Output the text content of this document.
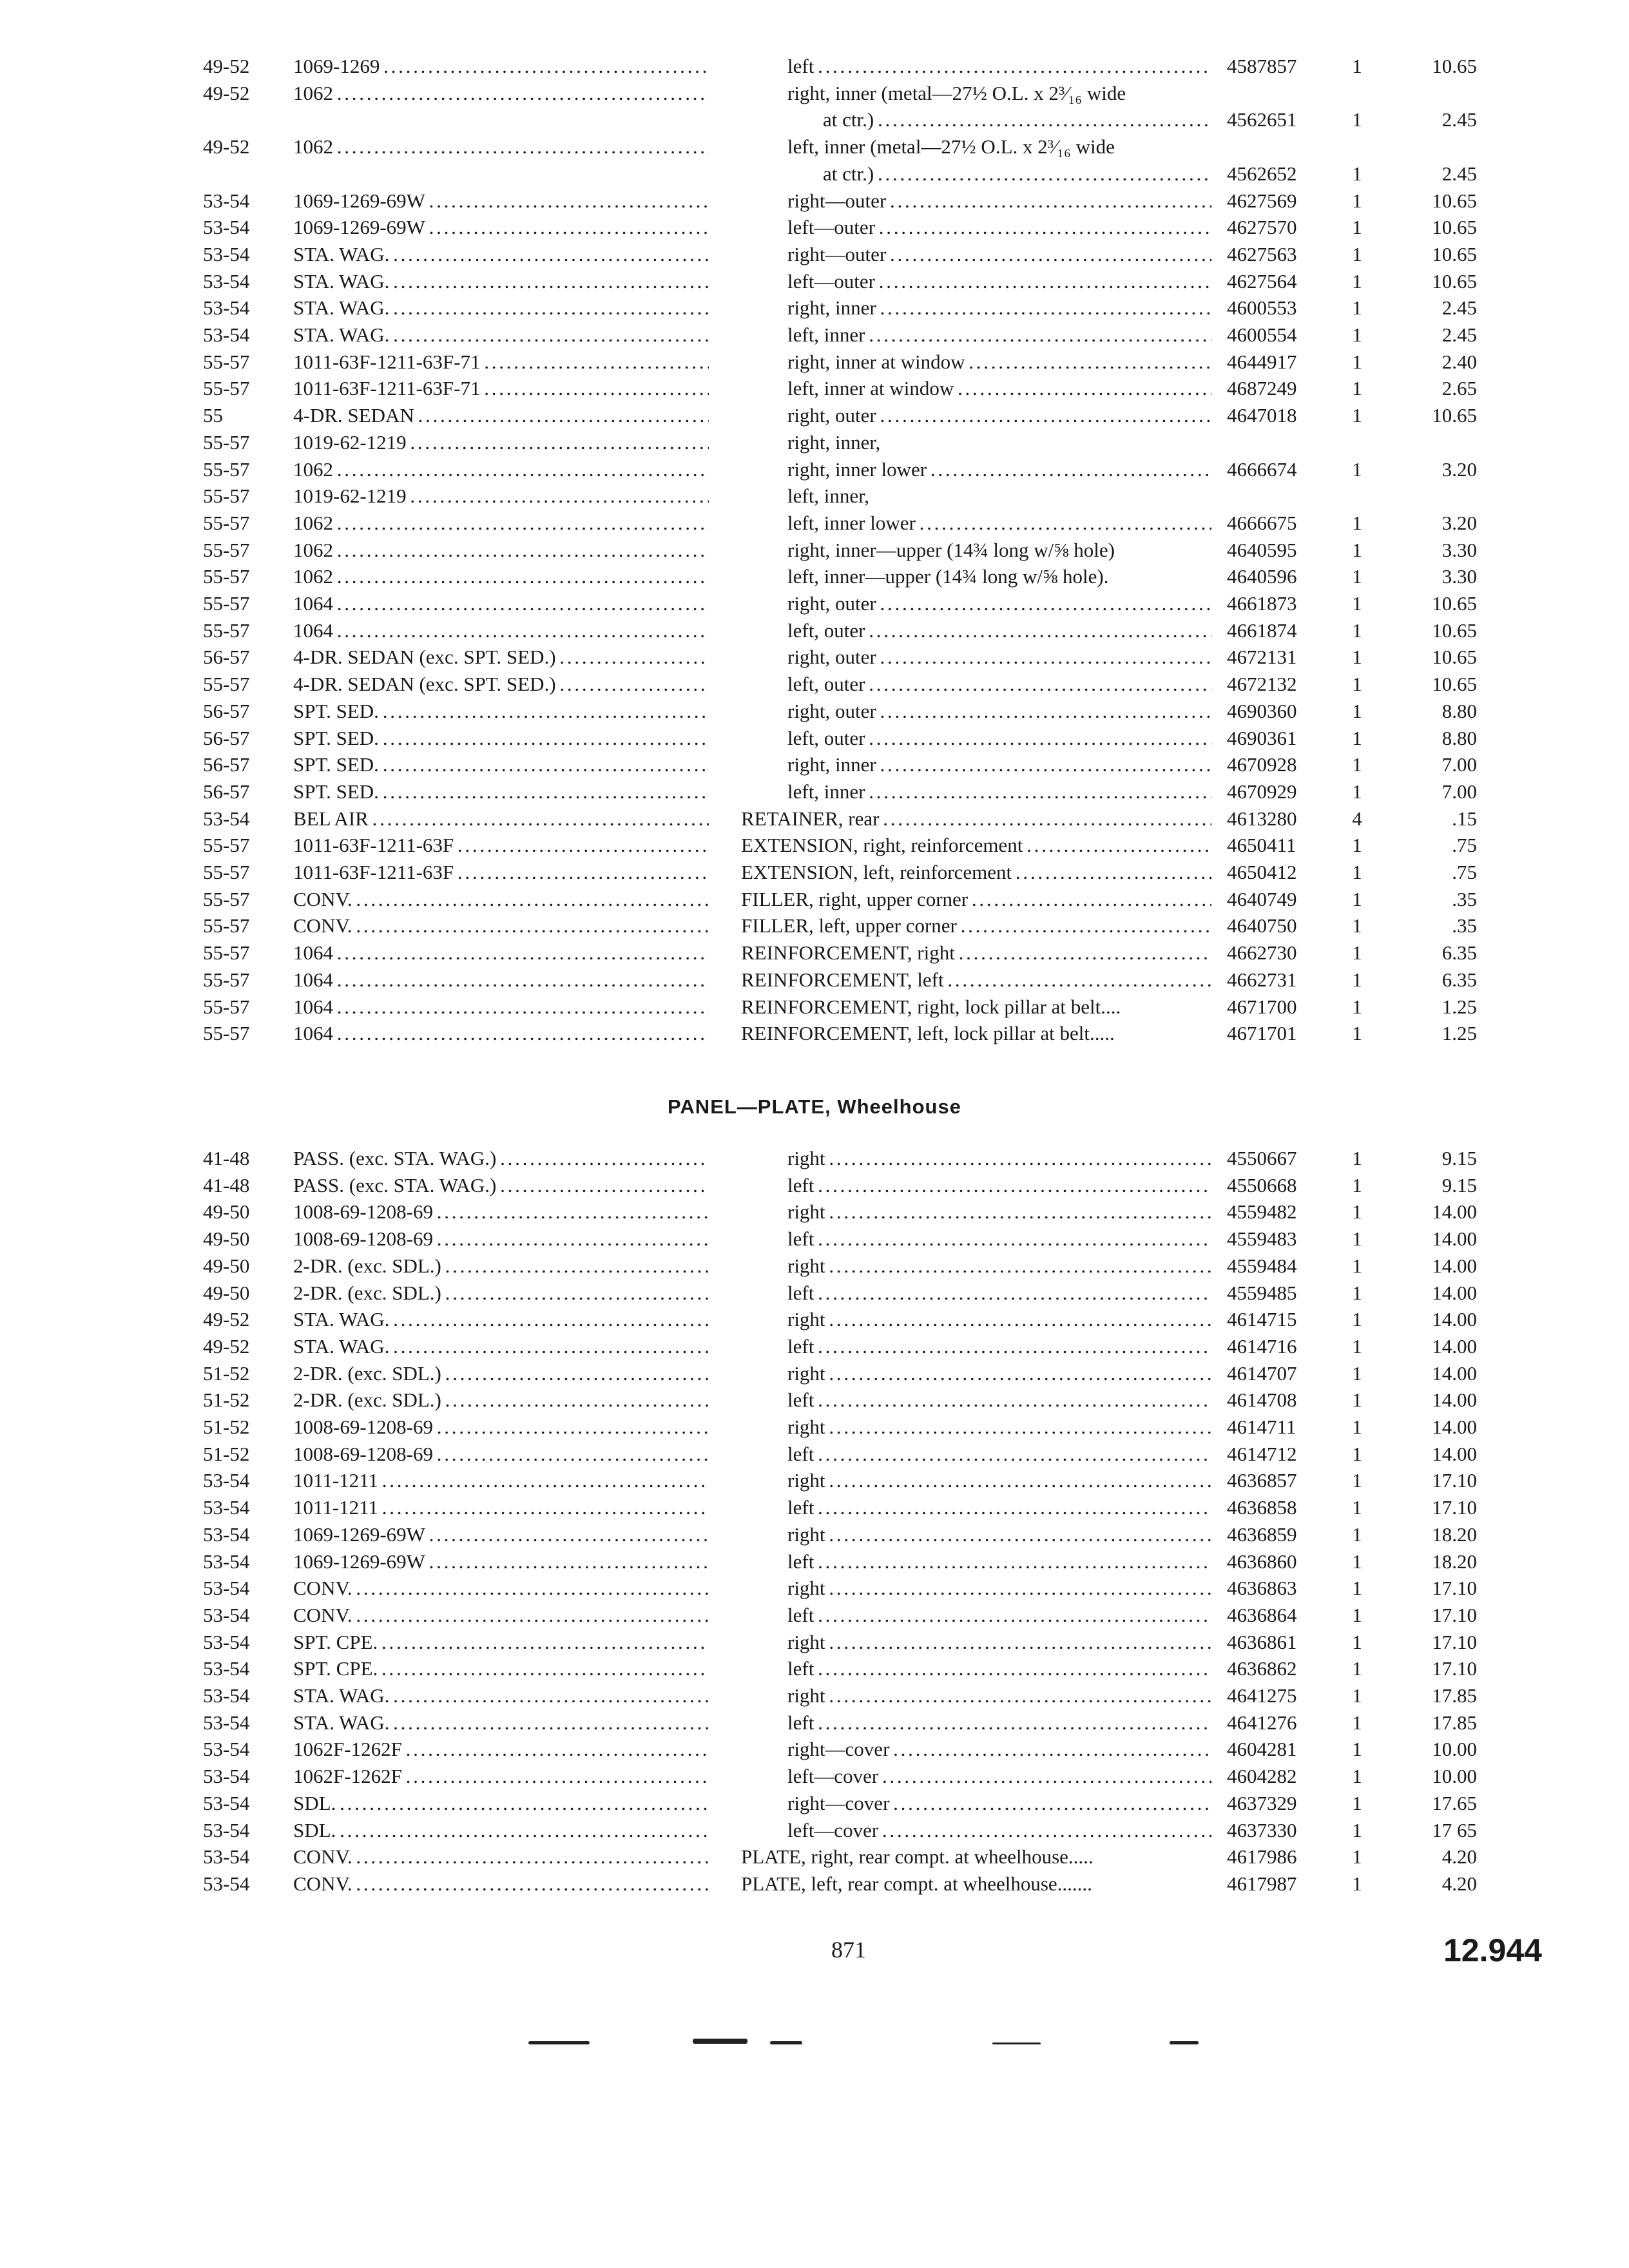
49-52	1069-1269 . . .	left . . .	4587857	1	10.65
49-52	1062 . . .	right, inner (metal—27½ O.L. x 2³⁄₁₆ wide
at ctr.) . . .	4562651	1	2.45
49-52	1062 . . .	left, inner (metal—27½ O.L. x 2³⁄₁₆ wide
at ctr.) . . .	4562652	1	2.45
53-54	1069-1269-69W . . .	right—outer . . .	4627569	1	10.65
53-54	1069-1269-69W . . .	left—outer . . .	4627570	1	10.65
53-54	STA. WAG. . . .	right—outer . . .	4627563	1	10.65
53-54	STA. WAG. . . .	left—outer . . .	4627564	1	10.65
53-54	STA. WAG. . . .	right, inner . . .	4600553	1	2.45
53-54	STA. WAG. . . .	left, inner . . .	4600554	1	2.45
55-57	1011-63F-1211-63F-71 . . .	right, inner at window . . .	4644917	1	2.40
55-57	1011-63F-1211-63F-71 . . .	left, inner at window . . .	4687249	1	2.65
55	4-DR. SEDAN . . .	right, outer . . .	4647018	1	10.65
55-57	1019-62-1219 . . .	right, inner,
55-57	1062 . . .	right, inner lower . . .	4666674	1	3.20
55-57	1019-62-1219 . . .	left, inner,
55-57	1062 . . .	left, inner lower . . .	4666675	1	3.20
55-57	1062 . . .	right, inner—upper (14¾ long w/⅝ hole)	4640595	1	3.30
55-57	1062 . . .	left, inner—upper (14¾ long w/⅝ hole).	4640596	1	3.30
55-57	1064 . . .	right, outer . . .	4661873	1	10.65
55-57	1064 . . .	left, outer . . .	4661874	1	10.65
56-57	4-DR. SEDAN (exc. SPT. SED.) . . .	right, outer . . .	4672131	1	10.65
55-57	4-DR. SEDAN (exc. SPT. SED.) . . .	left, outer . . .	4672132	1	10.65
56-57	SPT. SED. . . .	right, outer . . .	4690360	1	8.80
56-57	SPT. SED. . . .	left, outer . . .	4690361	1	8.80
56-57	SPT. SED. . . .	right, inner . . .	4670928	1	7.00
56-57	SPT. SED. . . .	left, inner . . .	4670929	1	7.00
53-54	BEL AIR . . .	RETAINER, rear . . .	4613280	4	.15
55-57	1011-63F-1211-63F . . .	EXTENSION, right, reinforcement . . .	4650411	1	.75
55-57	1011-63F-1211-63F . . .	EXTENSION, left, reinforcement . . .	4650412	1	.75
55-57	CONV. . . .	FILLER, right, upper corner . . .	4640749	1	.35
55-57	CONV. . . .	FILLER, left, upper corner . . .	4640750	1	.35
55-57	1064 . . .	REINFORCEMENT, right . . .	4662730	1	6.35
55-57	1064 . . .	REINFORCEMENT, left . . .	4662731	1	6.35
55-57	1064 . . .	REINFORCEMENT, right, lock pillar at belt....	4671700	1	1.25
55-57	1064 . . .	REINFORCEMENT, left, lock pillar at belt.....	4671701	1	1.25
PANEL—PLATE, Wheelhouse
41-48	PASS. (exc. STA. WAG.) . . .	right . . .	4550667	1	9.15
41-48	PASS. (exc. STA. WAG.) . . .	left . . .	4550668	1	9.15
49-50	1008-69-1208-69 . . .	right . . .	4559482	1	14.00
49-50	1008-69-1208-69 . . .	left . . .	4559483	1	14.00
49-50	2-DR. (exc. SDL.) . . .	right . . .	4559484	1	14.00
49-50	2-DR. (exc. SDL.) . . .	left . . .	4559485	1	14.00
49-52	STA. WAG. . . .	right . . .	4614715	1	14.00
49-52	STA. WAG. . . .	left . . .	4614716	1	14.00
51-52	2-DR. (exc. SDL.) . . .	right . . .	4614707	1	14.00
51-52	2-DR. (exc. SDL.) . . .	left . . .	4614708	1	14.00
51-52	1008-69-1208-69 . . .	right . . .	4614711	1	14.00
51-52	1008-69-1208-69 . . .	left . . .	4614712	1	14.00
53-54	1011-1211 . . .	right . . .	4636857	1	17.10
53-54	1011-1211 . . .	left . . .	4636858	1	17.10
53-54	1069-1269-69W . . .	right . . .	4636859	1	18.20
53-54	1069-1269-69W . . .	left . . .	4636860	1	18.20
53-54	CONV. . . .	right . . .	4636863	1	17.10
53-54	CONV. . . .	left . . .	4636864	1	17.10
53-54	SPT. CPE. . . .	right . . .	4636861	1	17.10
53-54	SPT. CPE. . . .	left . . .	4636862	1	17.10
53-54	STA. WAG. . . .	right . . .	4641275	1	17.85
53-54	STA. WAG. . . .	left . . .	4641276	1	17.85
53-54	1062F-1262F . . .	right—cover . . .	4604281	1	10.00
53-54	1062F-1262F . . .	left—cover . . .	4604282	1	10.00
53-54	SDL. . . .	right—cover . . .	4637329	1	17.65
53-54	SDL. . . .	left—cover . . .	4637330	1	17 65
53-54	CONV. . . .	PLATE, right, rear compt. at wheelhouse.....	4617986	1	4.20
53-54	CONV. . . .	PLATE, left, rear compt. at wheelhouse.......	4617987	1	4.20
871	12.944
